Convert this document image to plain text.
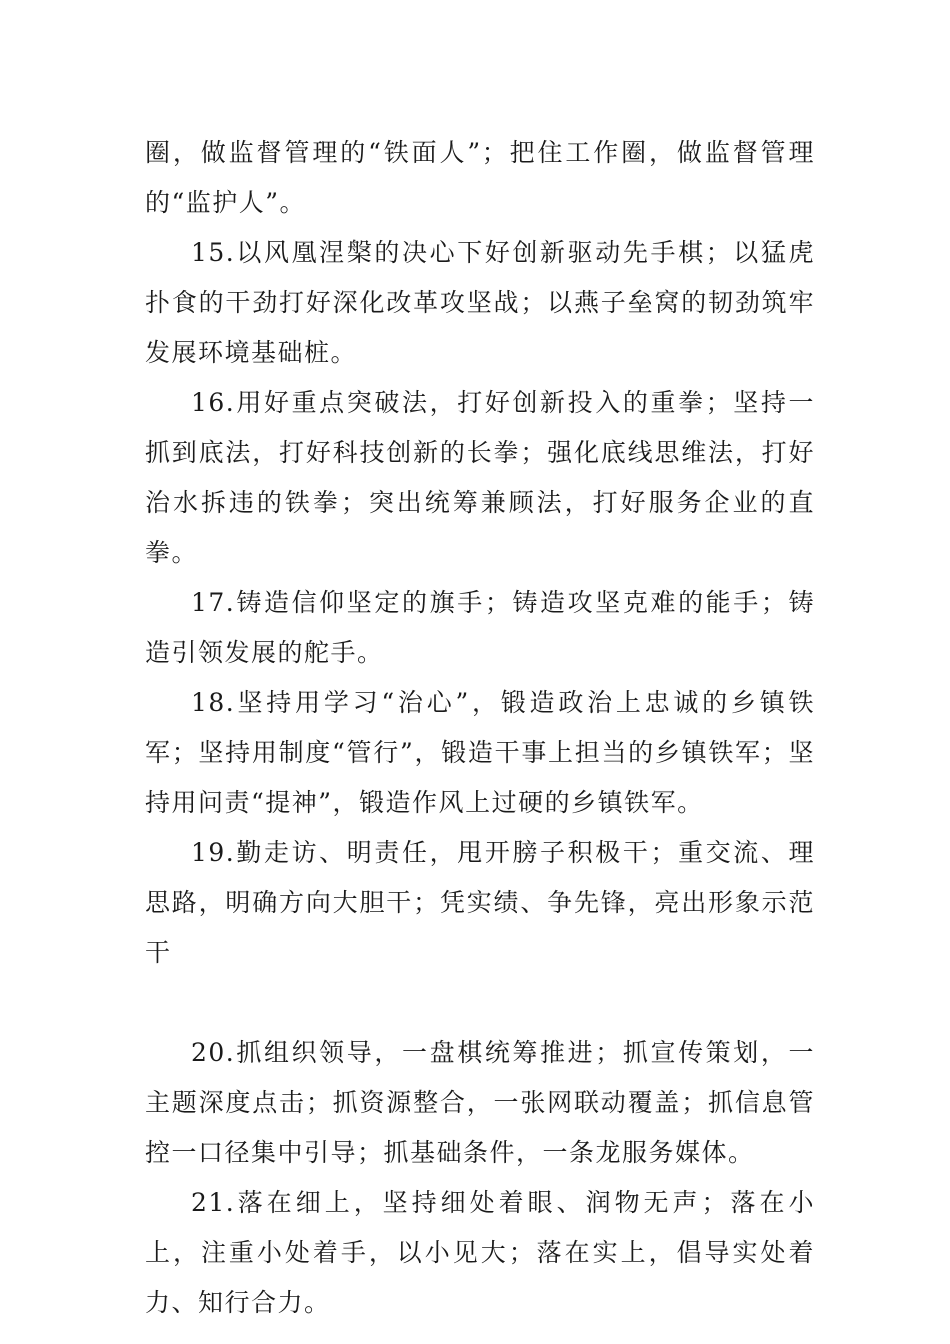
圈，做监督管理的“铁面人”；把住工作圈，做监督管理的“监护人”。

15.以风凰涅槃的决心下好创新驱动先手棋；以猛虎扑食的干劲打好深化改革攻坚战；以燕子垒窝的韧劲筑牢发展环境基础桩。

16.用好重点突破法，打好创新投入的重拳；坚持一抓到底法，打好科技创新的长拳；强化底线思维法，打好治水拆违的铁拳；突出统筹兼顾法，打好服务企业的直拳。

17.铸造信仰坚定的旗手；铸造攻坚克难的能手；铸造引领发展的舵手。

18.坚持用学习“治心”，锻造政治上忠诚的乡镇铁军；坚持用制度“管行”，锻造干事上担当的乡镇铁军；坚持用问责“提神”，锻造作风上过硬的乡镇铁军。

19.勤走访、明责任，甩开膀子积极干；重交流、理思路，明确方向大胆干；凭实绩、争先锋，亮出形象示范干

20.抓组织领导，一盘棋统筹推进；抓宣传策划，一主题深度点击；抓资源整合，一张网联动覆盖；抓信息管控一口径集中引导；抓基础条件，一条龙服务媒体。

21.落在细上，坚持细处着眼、润物无声；落在小上，注重小处着手，以小见大；落在实上，倡导实处着力、知行合力。
